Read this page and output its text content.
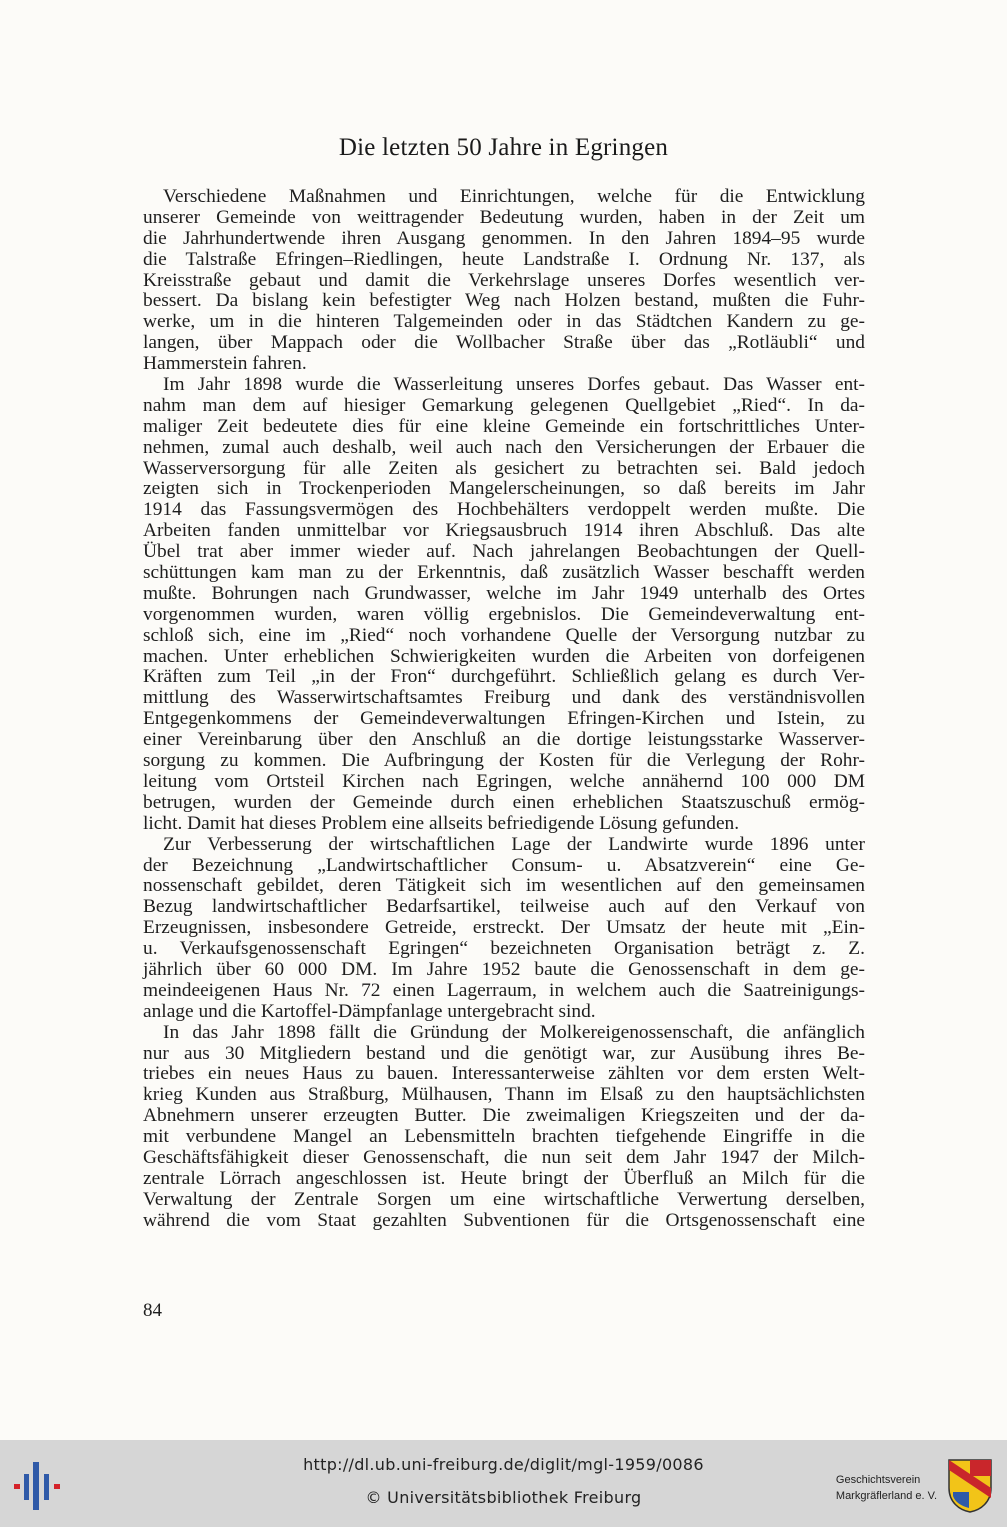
Die letzten 50 Jahre in Egringen
Verschiedene Maßnahmen und Einrichtungen, welche für die Entwicklung
unserer Gemeinde von weittragender Bedeutung wurden, haben in der Zeit um
die Jahrhundertwende ihren Ausgang genommen. In den Jahren 1894–95 wurde
die Talstraße Efringen–Riedlingen, heute Landstraße I. Ordnung Nr. 137, als
Kreisstraße gebaut und damit die Verkehrslage unseres Dorfes wesentlich ver-
bessert. Da bislang kein befestigter Weg nach Holzen bestand, mußten die Fuhr-
werke, um in die hinteren Talgemeinden oder in das Städtchen Kandern zu ge-
langen, über Mappach oder die Wollbacher Straße über das „Rotläubli“ und
Hammerstein fahren.
Im Jahr 1898 wurde die Wasserleitung unseres Dorfes gebaut. Das Wasser ent-
nahm man dem auf hiesiger Gemarkung gelegenen Quellgebiet „Ried“. In da-
maliger Zeit bedeutete dies für eine kleine Gemeinde ein fortschrittliches Unter-
nehmen, zumal auch deshalb, weil auch nach den Versicherungen der Erbauer die
Wasserversorgung für alle Zeiten als gesichert zu betrachten sei. Bald jedoch
zeigten sich in Trockenperioden Mangelerscheinungen, so daß bereits im Jahr
1914 das Fassungsvermögen des Hochbehälters verdoppelt werden mußte. Die
Arbeiten fanden unmittelbar vor Kriegsausbruch 1914 ihren Abschluß. Das alte
Übel trat aber immer wieder auf. Nach jahrelangen Beobachtungen der Quell-
schüttungen kam man zu der Erkenntnis, daß zusätzlich Wasser beschafft werden
mußte. Bohrungen nach Grundwasser, welche im Jahr 1949 unterhalb des Ortes
vorgenommen wurden, waren völlig ergebnislos. Die Gemeindeverwaltung ent-
schloß sich, eine im „Ried“ noch vorhandene Quelle der Versorgung nutzbar zu
machen. Unter erheblichen Schwierigkeiten wurden die Arbeiten von dorfeigenen
Kräften zum Teil „in der Fron“ durchgeführt. Schließlich gelang es durch Ver-
mittlung des Wasserwirtschaftsamtes Freiburg und dank des verständnisvollen
Entgegenkommens der Gemeindeverwaltungen Efringen-Kirchen und Istein, zu
einer Vereinbarung über den Anschluß an die dortige leistungsstarke Wasserver-
sorgung zu kommen. Die Aufbringung der Kosten für die Verlegung der Rohr-
leitung vom Ortsteil Kirchen nach Egringen, welche annähernd 100 000 DM
betrugen, wurden der Gemeinde durch einen erheblichen Staatszuschuß ermög-
licht. Damit hat dieses Problem eine allseits befriedigende Lösung gefunden.
Zur Verbesserung der wirtschaftlichen Lage der Landwirte wurde 1896 unter
der Bezeichnung „Landwirtschaftlicher Consum- u. Absatzverein“ eine Ge-
nossenschaft gebildet, deren Tätigkeit sich im wesentlichen auf den gemeinsamen
Bezug landwirtschaftlicher Bedarfsartikel, teilweise auch auf den Verkauf von
Erzeugnissen, insbesondere Getreide, erstreckt. Der Umsatz der heute mit „Ein-
u. Verkaufsgenossenschaft Egringen“ bezeichneten Organisation beträgt z. Z.
jährlich über 60 000 DM. Im Jahre 1952 baute die Genossenschaft in dem ge-
meindeeigenen Haus Nr. 72 einen Lagerraum, in welchem auch die Saatreinigungs-
anlage und die Kartoffel-Dämpfanlage untergebracht sind.
In das Jahr 1898 fällt die Gründung der Molkereigenossenschaft, die anfänglich
nur aus 30 Mitgliedern bestand und die genötigt war, zur Ausübung ihres Be-
triebes ein neues Haus zu bauen. Interessanterweise zählten vor dem ersten Welt-
krieg Kunden aus Straßburg, Mülhausen, Thann im Elsaß zu den hauptsächlichsten
Abnehmern unserer erzeugten Butter. Die zweimaligen Kriegszeiten und der da-
mit verbundene Mangel an Lebensmitteln brachten tiefgehende Eingriffe in die
Geschäftsfähigkeit dieser Genossenschaft, die nun seit dem Jahr 1947 der Milch-
zentrale Lörrach angeschlossen ist. Heute bringt der Überfluß an Milch für die
Verwaltung der Zentrale Sorgen um eine wirtschaftliche Verwertung derselben,
während die vom Staat gezahlten Subventionen für die Ortsgenossenschaft eine
84
http://dl.ub.uni-freiburg.de/diglit/mgl-1959/0086
© Universitätsbibliothek Freiburg
Geschichtsverein
Markgräflerland e. V.
